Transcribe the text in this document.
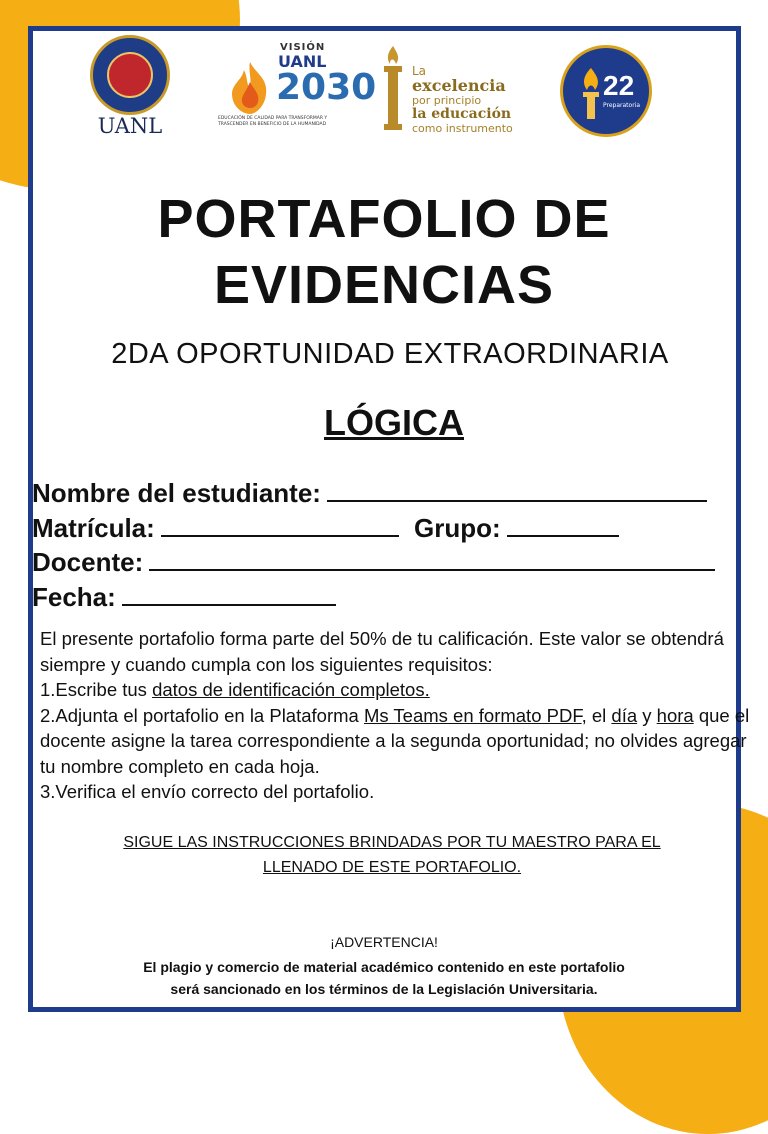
UANL
VISIÓN
UANL
2030
EDUCACIÓN DE CALIDAD PARA TRANSFORMAR Y TRASCENDER EN BENEFICIO DE LA HUMANIDAD
La
excelencia
por principio
la educación
como instrumento
22
Preparatoria
PORTAFOLIO DE
EVIDENCIAS
2DA OPORTUNIDAD EXTRAORDINARIA
LÓGICA
Nombre del estudiante:
Matrícula:	Grupo:
Docente:
Fecha:

El presente portafolio forma parte del 50% de tu calificación. Este valor se obtendrá siempre y cuando cumpla con los siguientes requisitos:

1.Escribe tus datos de identificación completos.

2.Adjunta el portafolio en la Plataforma Ms Teams en formato PDF, el día y hora que el docente asigne la tarea correspondiente a la segunda oportunidad; no olvides agregar tu nombre completo en cada hoja.

3.Verifica el envío correcto del portafolio.

SIGUE LAS INSTRUCCIONES BRINDADAS POR TU MAESTRO PARA EL
LLENADO DE ESTE PORTAFOLIO.
¡ADVERTENCIA!
El plagio y comercio de material académico contenido en este portafolio
será sancionado en los términos de la Legislación Universitaria.
